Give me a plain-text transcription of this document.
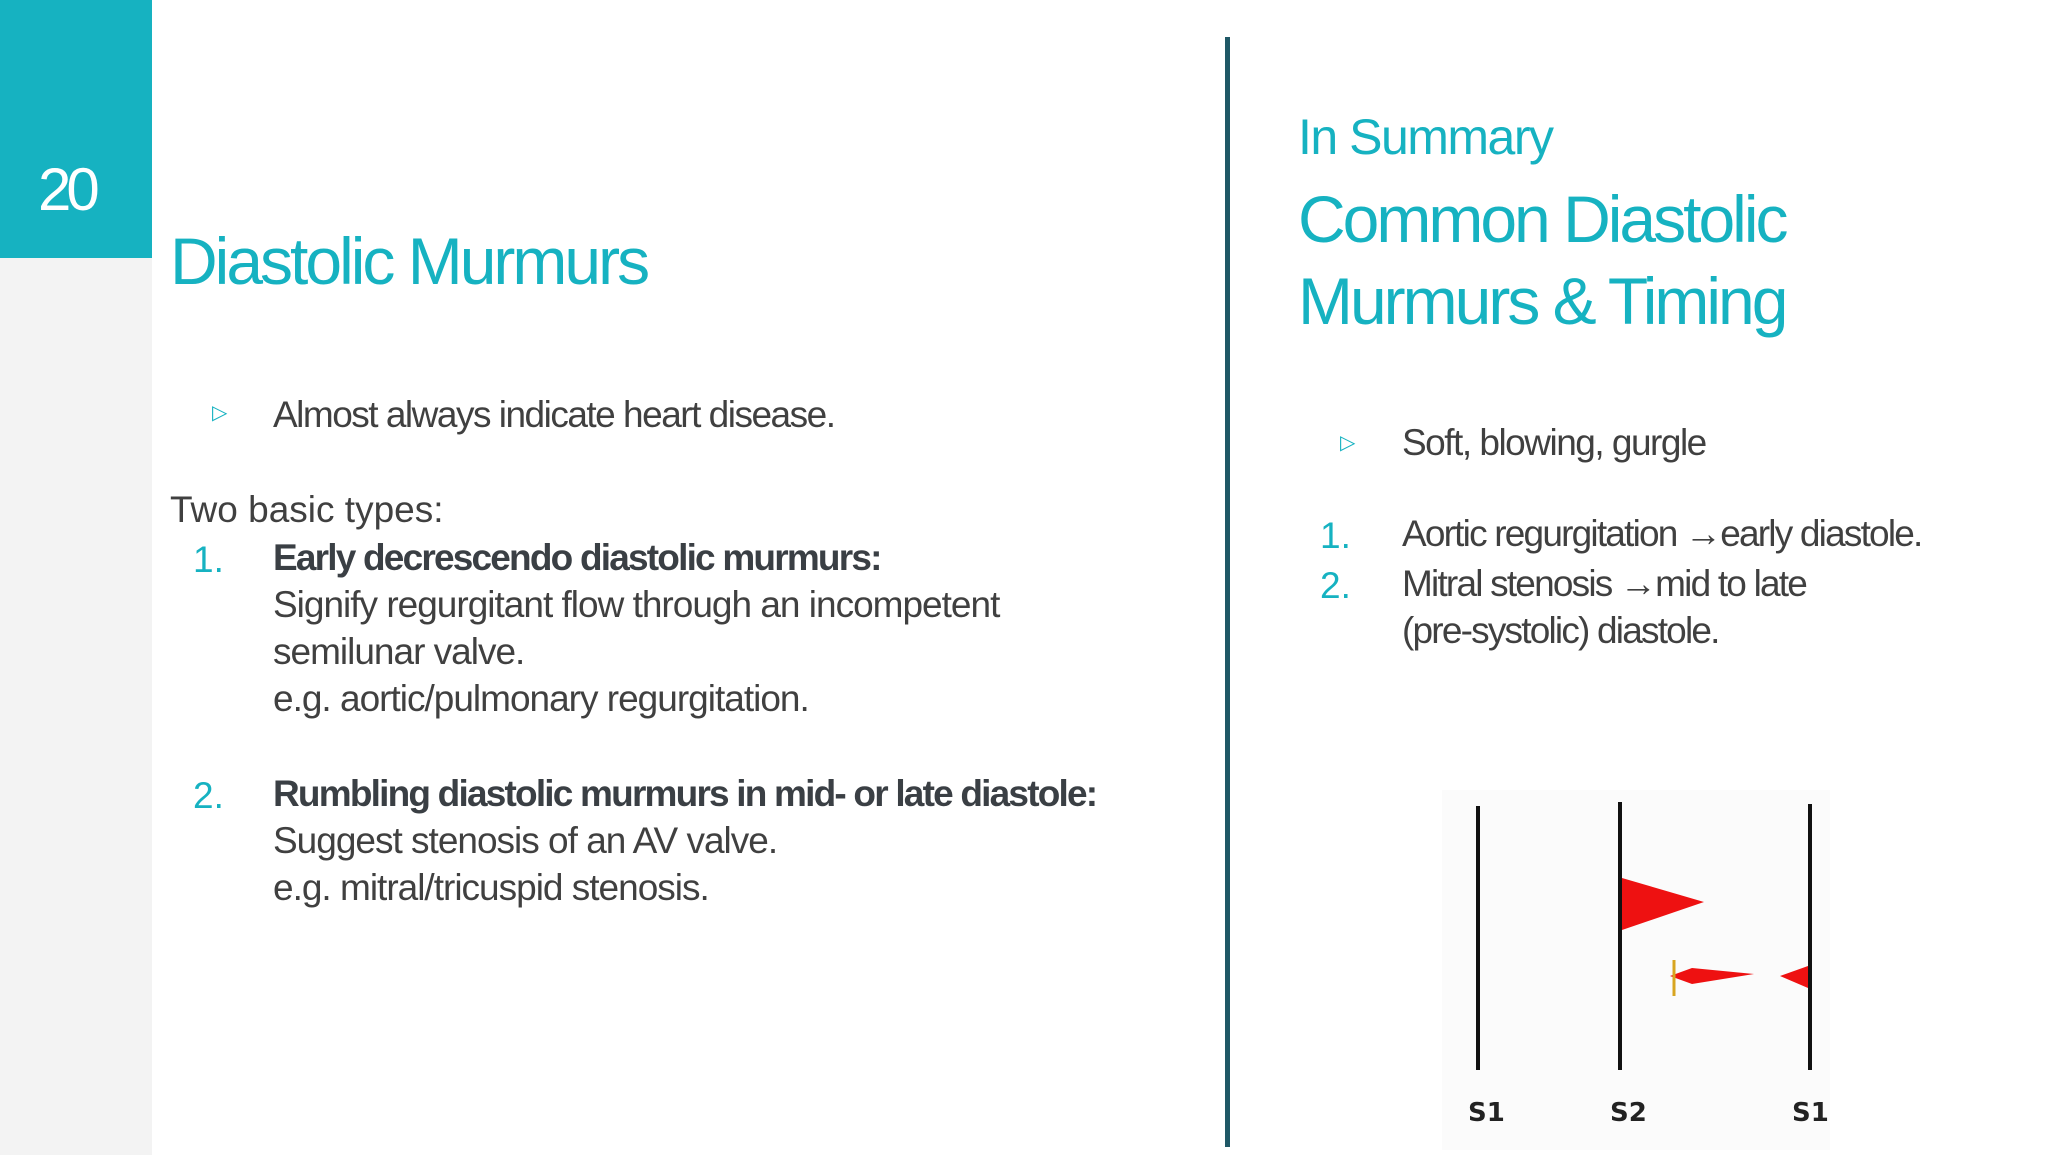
20
Diastolic Murmurs
▷ Almost always indicate heart disease.
Two basic types:
1. Early decrescendo diastolic murmurs:
Signify regurgitant flow through an incompetent
semilunar valve.
e.g. aortic/pulmonary regurgitation.
2. Rumbling diastolic murmurs in mid- or late diastole:
Suggest stenosis of an AV valve.
e.g. mitral/tricuspid stenosis.
In Summary
Common Diastolic
Murmurs & Timing
▷ Soft, blowing, gurgle
1. Aortic regurgitation →early diastole.
2. Mitral stenosis →mid to late
(pre-systolic) diastole.
S1	S2	S1
